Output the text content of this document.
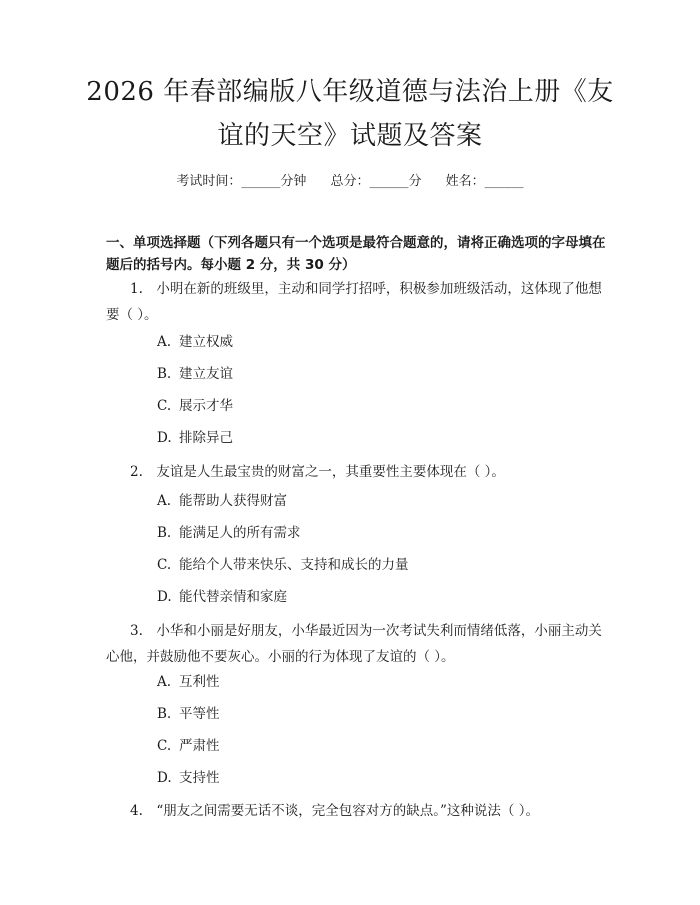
2026 年春部编版八年级道德与法治上册《友
谊的天空》试题及答案
考试时间：______分钟 总分：______分 姓名：______
一、单项选择题（下列各题只有一个选项是最符合题意的，请将正确选项的字母填在题后的括号内。每小题 2 分，共 30 分）
1.　小明在新的班级里，主动和同学打招呼，积极参加班级活动，这体现了他想要（ ）。
A. 建立权威
B. 建立友谊
C. 展示才华
D. 排除异己
2.　友谊是人生最宝贵的财富之一，其重要性主要体现在（ ）。
A. 能帮助人获得财富
B. 能满足人的所有需求
C. 能给个人带来快乐、支持和成长的力量
D. 能代替亲情和家庭
3.　小华和小丽是好朋友，小华最近因为一次考试失利而情绪低落，小丽主动关心他，并鼓励他不要灰心。小丽的行为体现了友谊的（ ）。
A. 互利性
B. 平等性
C. 严肃性
D. 支持性
4.　“朋友之间需要无话不谈，完全包容对方的缺点。”这种说法（ ）。
